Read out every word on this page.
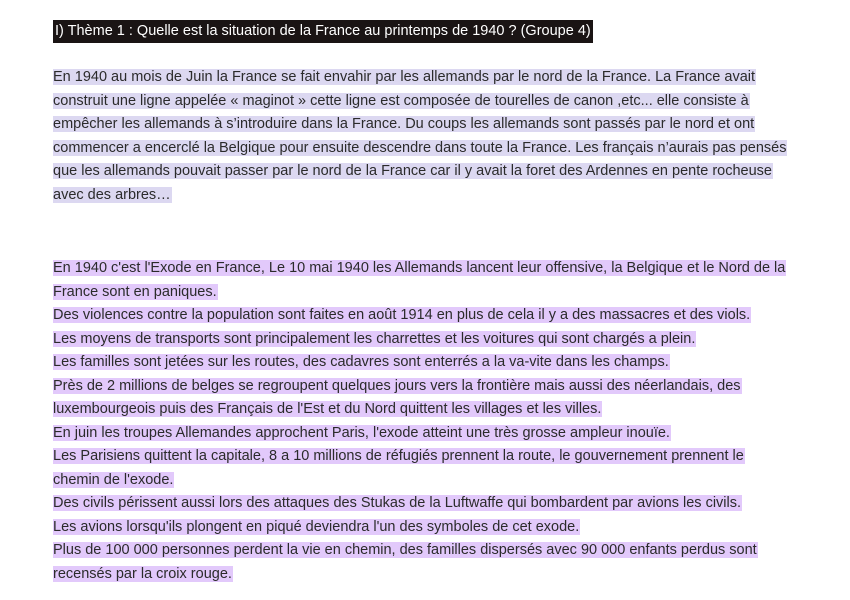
I) Thème 1 : Quelle est la situation de la France au printemps de 1940 ? (Groupe 4)
En 1940 au mois de Juin la France se fait envahir par les allemands par le nord de la France. La France avait
construit une ligne appelée « maginot » cette ligne est composée de tourelles de canon ,etc... elle consiste à
empêcher les allemands à s’introduire dans la France. Du coups les allemands sont passés par le nord et ont
commencer a encerclé la Belgique pour ensuite descendre dans toute la France. Les français n’aurais pas pensés
que les allemands pouvait passer par le nord de la France car il y avait la foret des Ardennes en pente rocheuse
avec des arbres…
En 1940 c'est l'Exode en France, Le 10 mai 1940 les Allemands lancent leur offensive, la Belgique et le Nord de la
France sont en paniques.
Des violences contre la population sont faites en août 1914 en plus de cela il y a des massacres et des viols.
Les moyens de transports sont principalement les charrettes et les voitures qui sont chargés a plein.
Les familles sont jetées sur les routes, des cadavres sont enterrés a la va-vite dans les champs.
Près de 2 millions de belges se regroupent quelques jours vers la frontière mais aussi des néerlandais, des
luxembourgeois puis des Français de l'Est et du Nord quittent les villages et les villes.
En juin les troupes Allemandes approchent Paris, l'exode atteint une très grosse ampleur inouïe.
Les Parisiens quittent la capitale, 8 a 10 millions de réfugiés prennent la route, le gouvernement prennent le
chemin de l'exode.
Des civils périssent aussi lors des attaques des Stukas de la Luftwaffe qui bombardent par avions les civils.
Les avions lorsqu'ils plongent en piqué deviendra l'un des symboles de cet exode.
Plus de 100 000 personnes perdent la vie en chemin, des familles dispersés avec 90 000 enfants perdus sont
recensés par la croix rouge.
